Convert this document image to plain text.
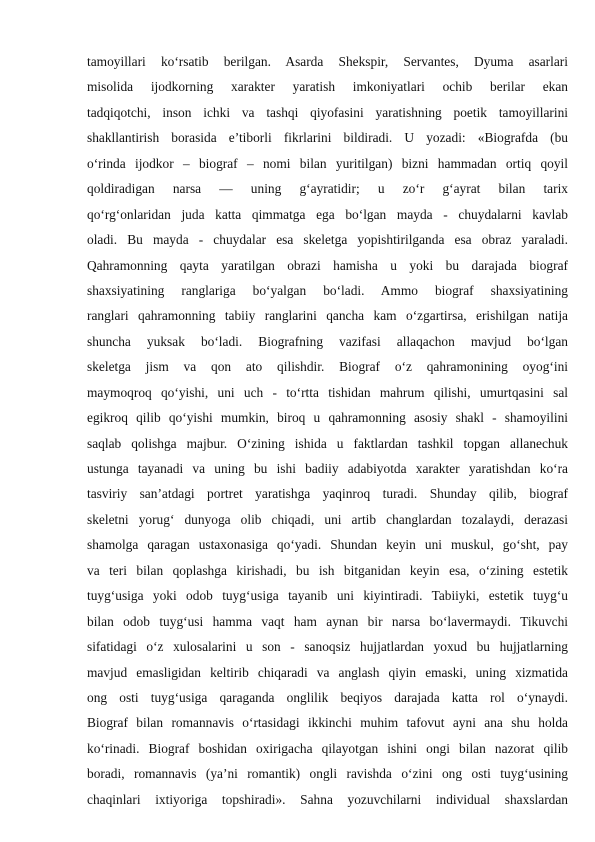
tamoyillari ko‘rsatib berilgan. Asarda Shekspir, Servantes, Dyuma asarlari
misolida ijodkorning xarakter yaratish imkoniyatlari ochib berilar ekan
tadqiqotchi, inson ichki va tashqi qiyofasini yaratishning poetik tamoyillarini
shakllantirish borasida e’tiborli fikrlarini bildiradi. U yozadi: «Biografda (bu
o‘rinda ijodkor – biograf – nomi bilan yuritilgan) bizni hammadan ortiq qoyil
qoldiradigan narsa — uning g‘ayratidir; u zo‘r g‘ayrat bilan tarix
qo‘rg‘onlaridan juda katta qimmatga ega bo‘lgan mayda - chuydalarni kavlab
oladi. Bu mayda - chuydalar esa skeletga yopishtirilganda esa obraz yaraladi.
Qahramonning qayta yaratilgan obrazi hamisha u yoki bu darajada biograf
shaxsiyatining ranglariga bo‘yalgan bo‘ladi. Ammo biograf shaxsiyatining
ranglari qahramonning tabiiy ranglarini qancha kam o‘zgartirsa, erishilgan natija
shuncha yuksak bo‘ladi. Biografning vazifasi allaqachon mavjud bo‘lgan
skeletga jism va qon ato qilishdir. Biograf o‘z qahramonining oyog‘ini
maymoqroq qo‘yishi, uni uch - to‘rtta tishidan mahrum qilishi, umurtqasini sal
egikroq qilib qo‘yishi mumkin, biroq u qahramonning asosiy shakl - shamoyilini
saqlab qolishga majbur. O‘zining ishida u faktlardan tashkil topgan allanechuk
ustunga tayanadi va uning bu ishi badiiy adabiyotda xarakter yaratishdan ko‘ra
tasviriy san’atdagi portret yaratishga yaqinroq turadi. Shunday qilib, biograf
skeletni yorug‘ dunyoga olib chiqadi, uni artib changlardan tozalaydi, derazasi
shamolga qaragan ustaxonasiga qo‘yadi. Shundan keyin uni muskul, go‘sht, pay
va teri bilan qoplashga kirishadi, bu ish bitganidan keyin esa, o‘zining estetik
tuyg‘usiga yoki odob tuyg‘usiga tayanib uni kiyintiradi. Tabiiyki, estetik tuyg‘u
bilan odob tuyg‘usi hamma vaqt ham aynan bir narsa bo‘lavermaydi. Tikuvchi
sifatidagi o‘z xulosalarini u son - sanoqsiz hujjatlardan yoxud bu hujjatlarning
mavjud emasligidan keltirib chiqaradi va anglash qiyin emaski, uning xizmatida
ong osti tuyg‘usiga qaraganda onglilik beqiyos darajada katta rol o‘ynaydi.
Biograf bilan romannavis o‘rtasidagi ikkinchi muhim tafovut ayni ana shu holda
ko‘rinadi. Biograf boshidan oxirigacha qilayotgan ishini ongi bilan nazorat qilib
boradi, romannavis (ya’ni romantik) ongli ravishda o‘zini ong osti tuyg‘usining
chaqinlari ixtiyoriga topshiradi». Sahna yozuvchilarni individual shaxslardan
